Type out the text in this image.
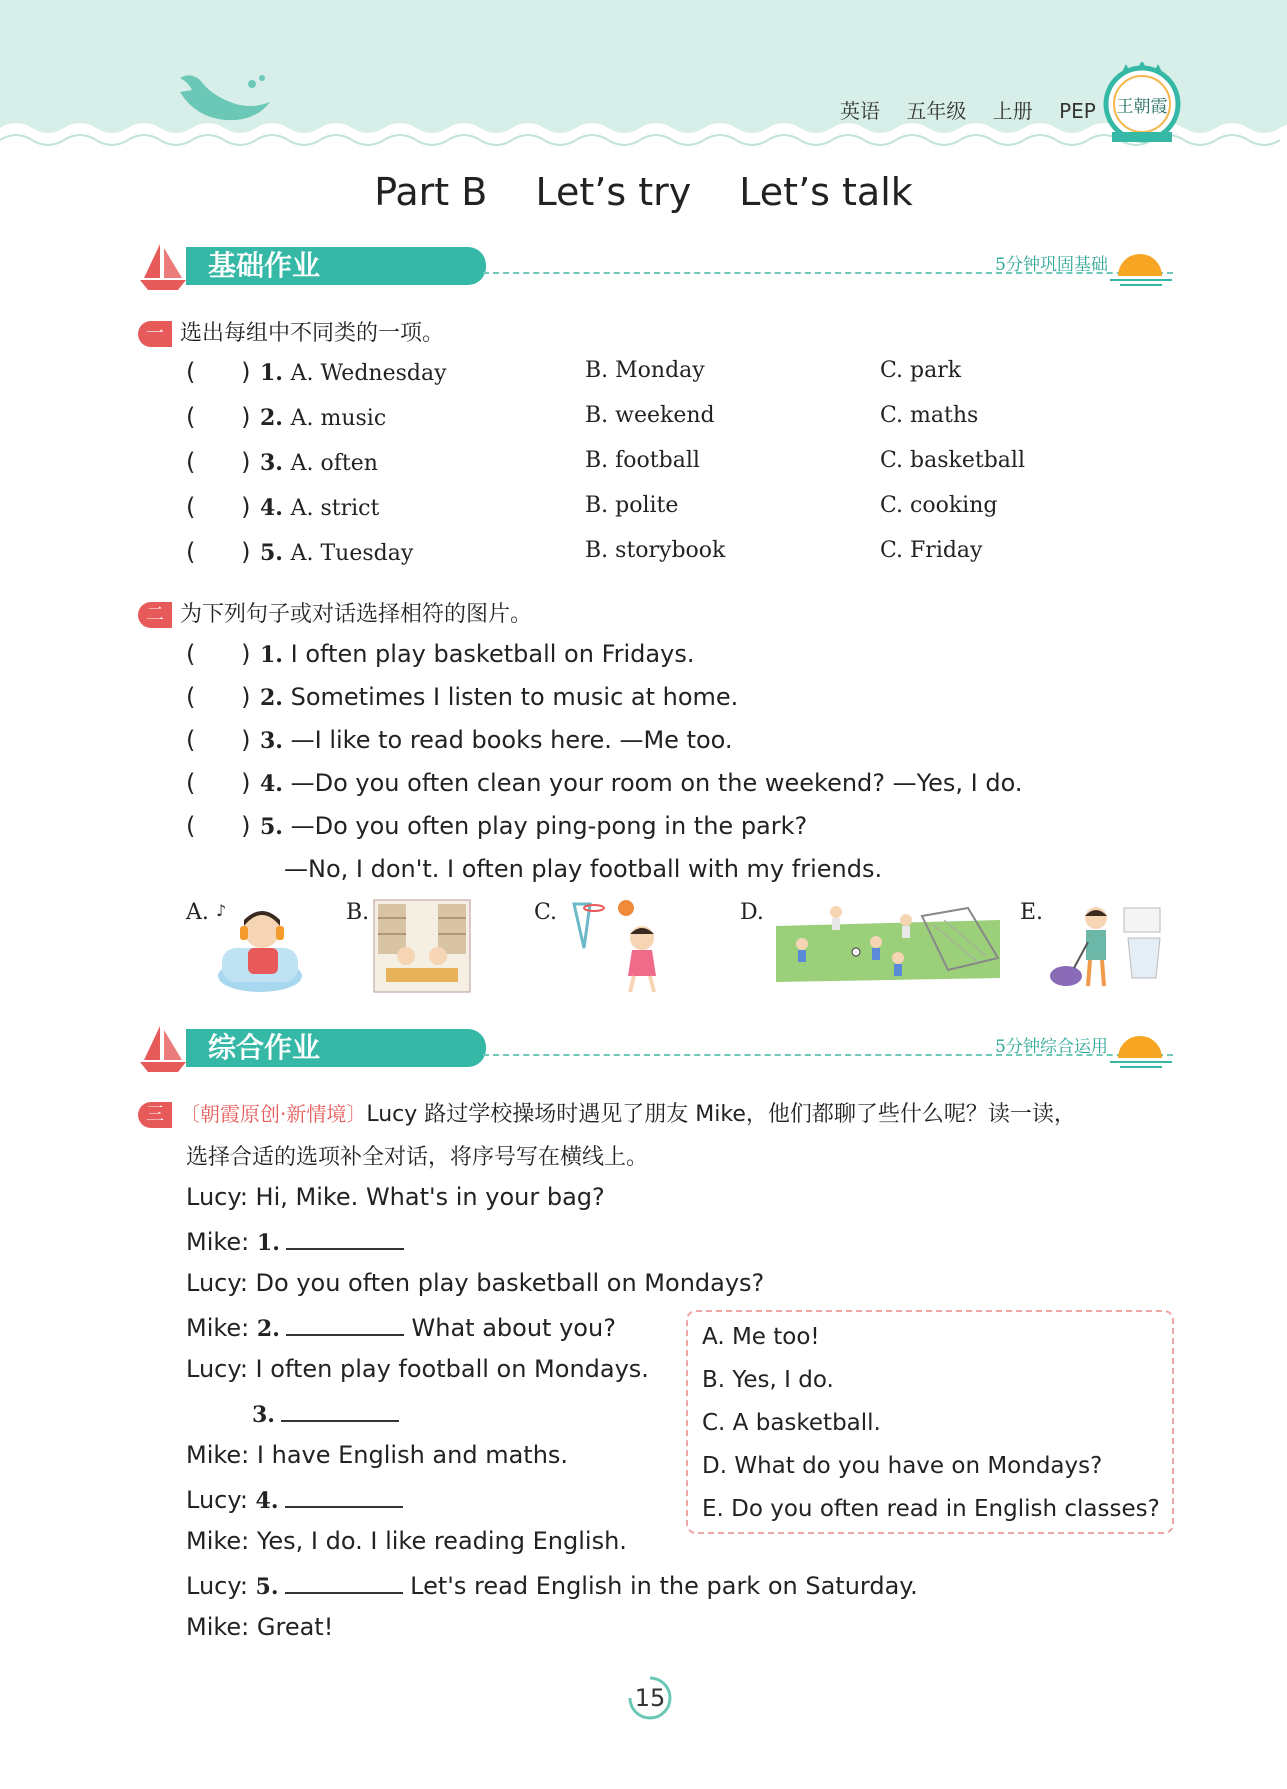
英语 五年级 上册 PEP	王朝霞
Part B Let’s try Let’s talk
基础作业	5分钟巩固基础
一 选出每组中不同类的一项。
(      ) 1. A. Wednesday	B. Monday	C. park
(      ) 2. A. music	B. weekend	C. maths
(      ) 3. A. often	B. football	C. basketball
(      ) 4. A. strict	B. polite	C. cooking
(      ) 5. A. Tuesday	B. storybook	C. Friday
二 为下列句子或对话选择相符的图片。
(      ) 1. I often play basketball on Fridays.
(      ) 2. Sometimes I listen to music at home.
(      ) 3. —I like to read books here. —Me too.
(      ) 4. —Do you often clean your room on the weekend? —Yes, I do.
(      ) 5. —Do you often play ping-pong in the park?
—No, I don't. I often play football with my friends.
A. ♪	B.	C.	D.	E.
综合作业	5分钟综合运用
三 〔朝霞原创·新情境〕Lucy 路过学校操场时遇见了朋友 Mike，他们都聊了些什么呢？读一读，
选择合适的选项补全对话，将序号写在横线上。
Lucy: Hi, Mike. What's in your bag?
Mike: 1.
Lucy: Do you often play basketball on Mondays?
Mike: 2.	What about you?
Lucy: I often play football on Mondays.
3.
Mike: I have English and maths.
Lucy: 4.
Mike: Yes, I do. I like reading English.
Lucy: 5.	Let's read English in the park on Saturday.
Mike: Great!
A. Me too!
B. Yes, I do.
C. A basketball.
D. What do you have on Mondays?
E. Do you often read in English classes?
15
